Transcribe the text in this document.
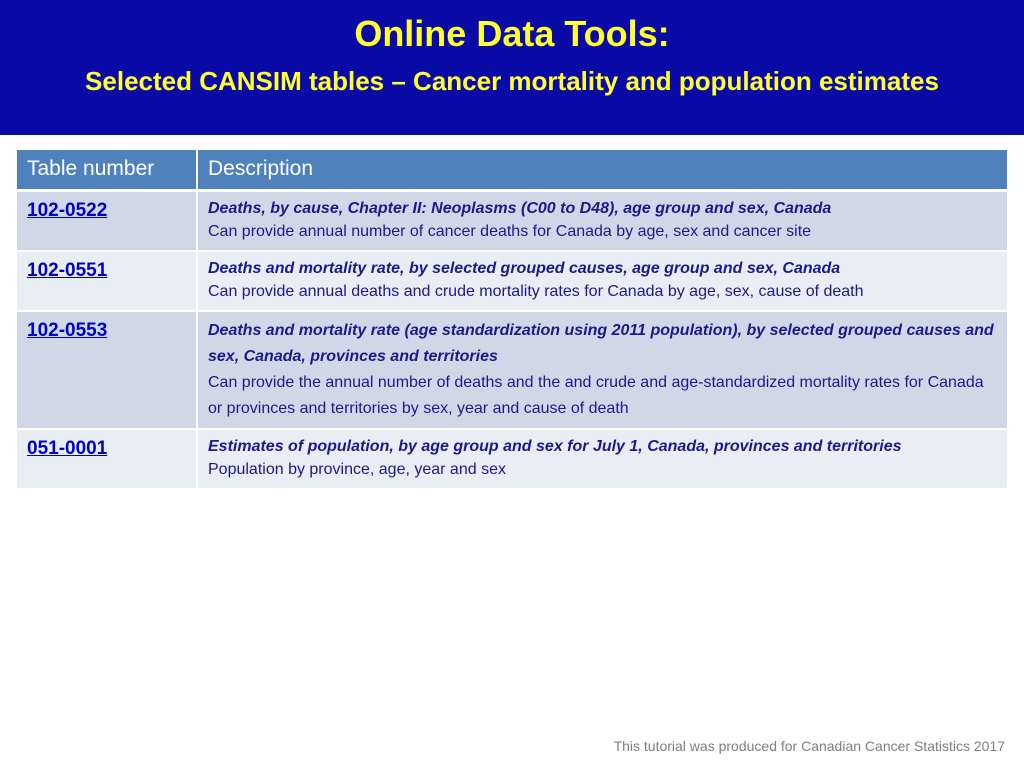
Online Data Tools:
Selected CANSIM tables – Cancer mortality and population estimates
Table number	Description
102-0522	Deaths, by cause, Chapter II: Neoplasms (C00 to D48), age group and sex, Canada
Can provide annual number of cancer deaths for Canada by age, sex and cancer site

102-0551	Deaths and mortality rate, by selected grouped causes, age group and sex, Canada
Can provide annual deaths and crude mortality rates for Canada by age, sex, cause of death

102-0553	Deaths and mortality rate (age standardization using 2011 population), by selected grouped causes and sex, Canada, provinces and territories
Can provide the annual number of deaths and the and crude and age-standardized mortality rates for Canada or provinces and territories by sex, year and cause of death

051-0001	Estimates of population, by age group and sex for July 1, Canada, provinces and territories
Population by province, age, year and sex
This tutorial was produced for Canadian Cancer Statistics 2017
